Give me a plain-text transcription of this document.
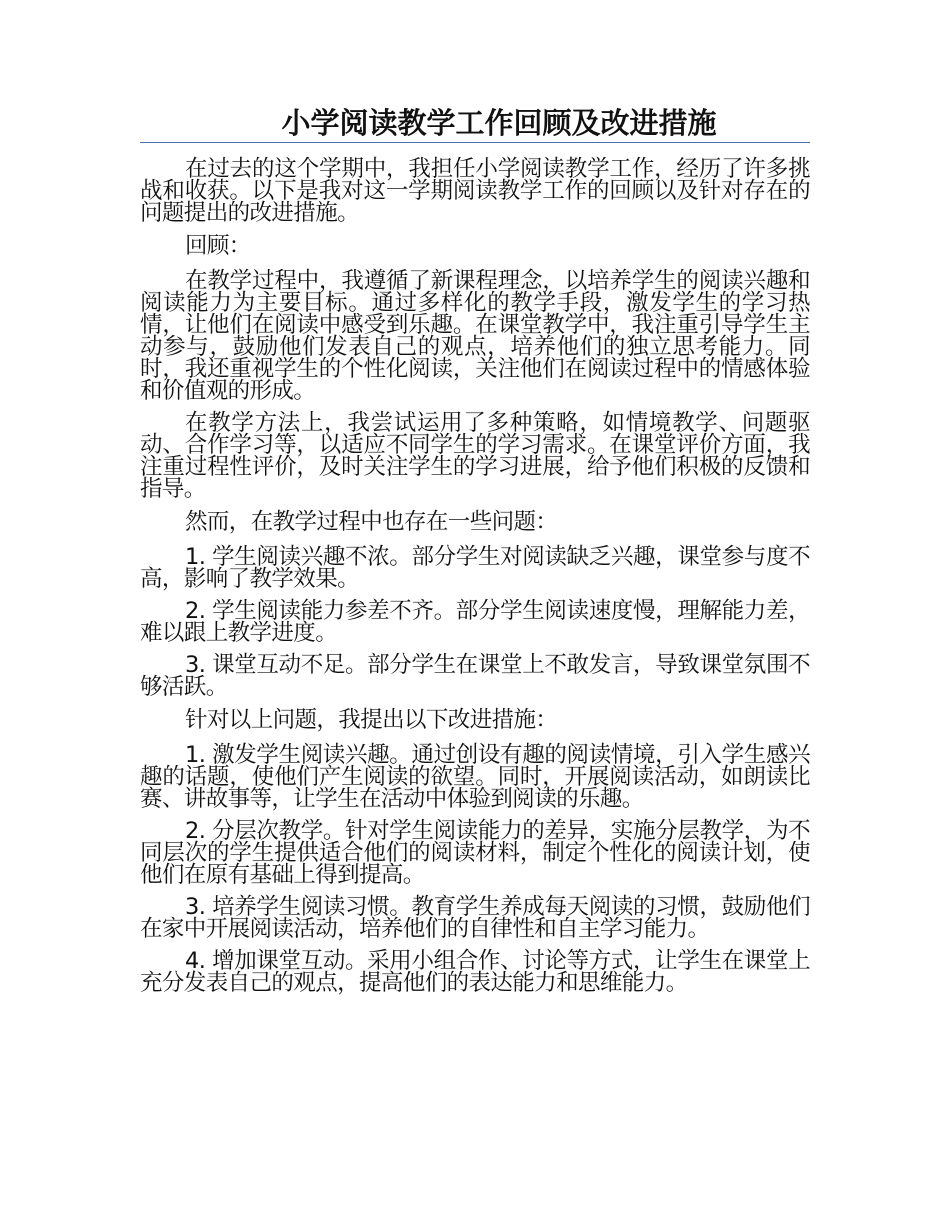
小学阅读教学工作回顾及改进措施

在过去的这个学期中，我担任小学阅读教学工作，经历了许多挑战和收获。以下是我对这一学期阅读教学工作的回顾以及针对存在的问题提出的改进措施。

回顾：

在教学过程中，我遵循了新课程理念，以培养学生的阅读兴趣和阅读能力为主要目标。通过多样化的教学手段，激发学生的学习热情，让他们在阅读中感受到乐趣。在课堂教学中，我注重引导学生主动参与，鼓励他们发表自己的观点，培养他们的独立思考能力。同时，我还重视学生的个性化阅读，关注他们在阅读过程中的情感体验和价值观的形成。

在教学方法上，我尝试运用了多种策略，如情境教学、问题驱动、合作学习等，以适应不同学生的学习需求。在课堂评价方面，我注重过程性评价，及时关注学生的学习进展，给予他们积极的反馈和指导。

然而，在教学过程中也存在一些问题：

1. 学生阅读兴趣不浓。部分学生对阅读缺乏兴趣，课堂参与度不高，影响了教学效果。

2. 学生阅读能力参差不齐。部分学生阅读速度慢，理解能力差，难以跟上教学进度。

3. 课堂互动不足。部分学生在课堂上不敢发言，导致课堂氛围不够活跃。

针对以上问题，我提出以下改进措施：

1. 激发学生阅读兴趣。通过创设有趣的阅读情境，引入学生感兴趣的话题，使他们产生阅读的欲望。同时，开展阅读活动，如朗读比赛、讲故事等，让学生在活动中体验到阅读的乐趣。

2. 分层次教学。针对学生阅读能力的差异，实施分层教学，为不同层次的学生提供适合他们的阅读材料，制定个性化的阅读计划，使他们在原有基础上得到提高。

3. 培养学生阅读习惯。教育学生养成每天阅读的习惯，鼓励他们在家中开展阅读活动，培养他们的自律性和自主学习能力。

4. 增加课堂互动。采用小组合作、讨论等方式，让学生在课堂上充分发表自己的观点，提高他们的表达能力和思维能力。
